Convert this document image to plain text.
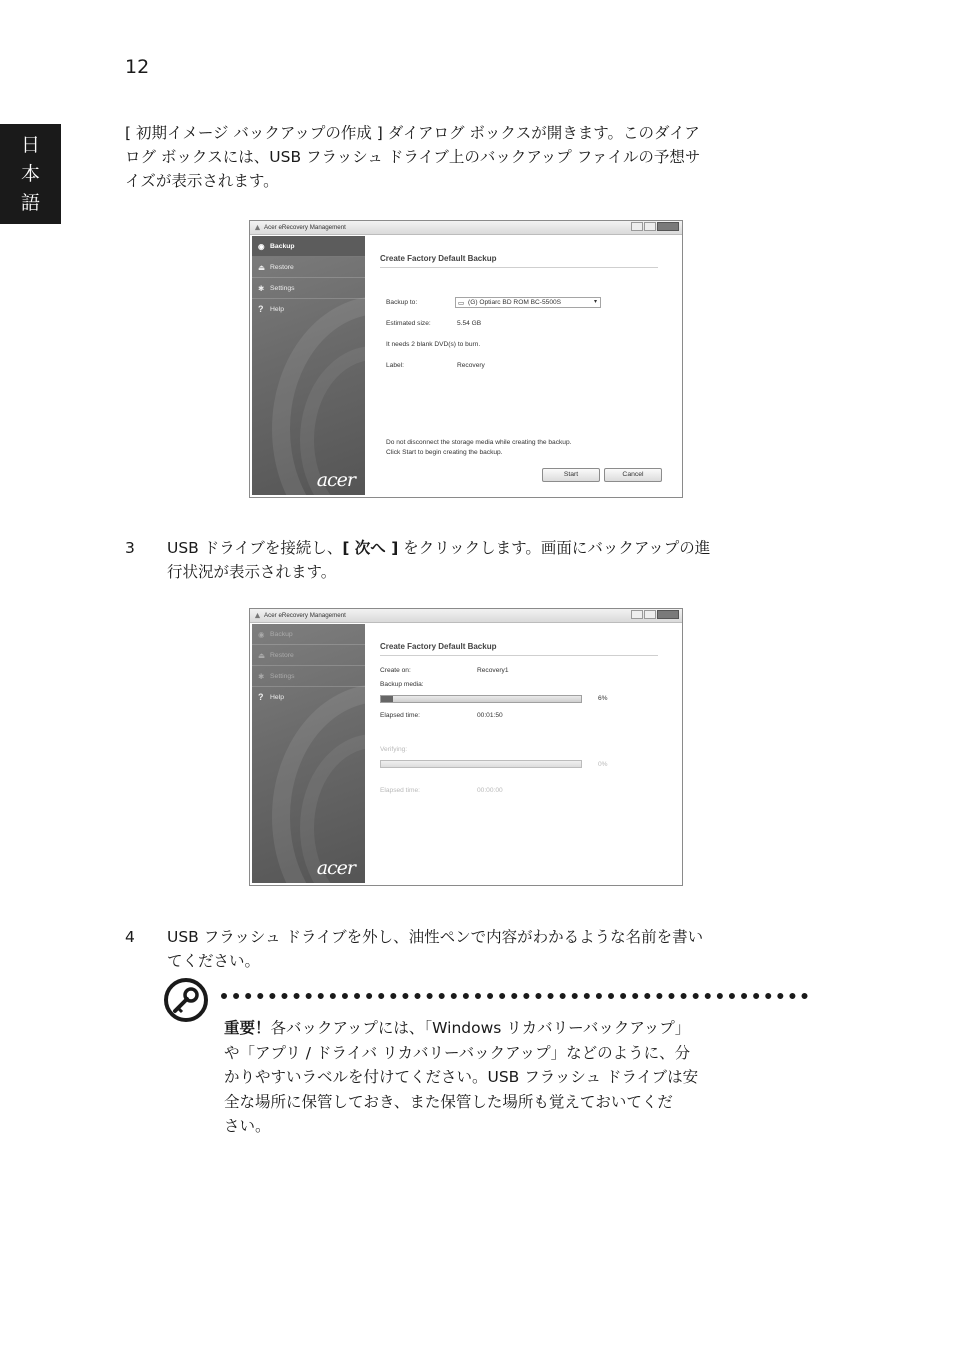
12
日
本
語
[ 初期イメージ バックアップの作成 ] ダイアログ ボックスが開きます。このダイア
ログ ボックスには、USB フラッシュ ドライブ上のバックアップ ファイルの予想サ
イズが表示されます。
Acer eRecovery Management
◉ Backup
⏏ Restore
✱ Settings
? Help
acer
Create Factory Default Backup
Backup to:	▭ (G) Optiarc BD ROM BC-5500S	▾
Estimated size:	5.54 GB
It needs 2 blank DVD(s) to burn.
Label:	Recovery
Do not disconnect the storage media while creating the backup.
Click Start to begin creating the backup.
Start	Cancel
3 USB ドライブを接続し、[ 次へ ] をクリックします。画面にバックアップの進
行状況が表示されます。
Acer eRecovery Management
◉ Backup
⏏ Restore
✱ Settings
? Help
acer
Create Factory Default Backup
Create on:	Recovery1
Backup media:
6%
Elapsed time:	00:01:50
Verifying:
0%
Elapsed time:	00:00:00
4 USB フラッシュ ドライブを外し、油性ペンで内容がわかるような名前を書い
てください。
重要！各バックアップには、「Windows リカバリーバックアップ」
や「アプリ / ドライバ リカバリーバックアップ」などのように、分
かりやすいラベルを付けてください。USB フラッシュ ドライブは安
全な場所に保管しておき、また保管した場所も覚えておいてくだ
さい。
